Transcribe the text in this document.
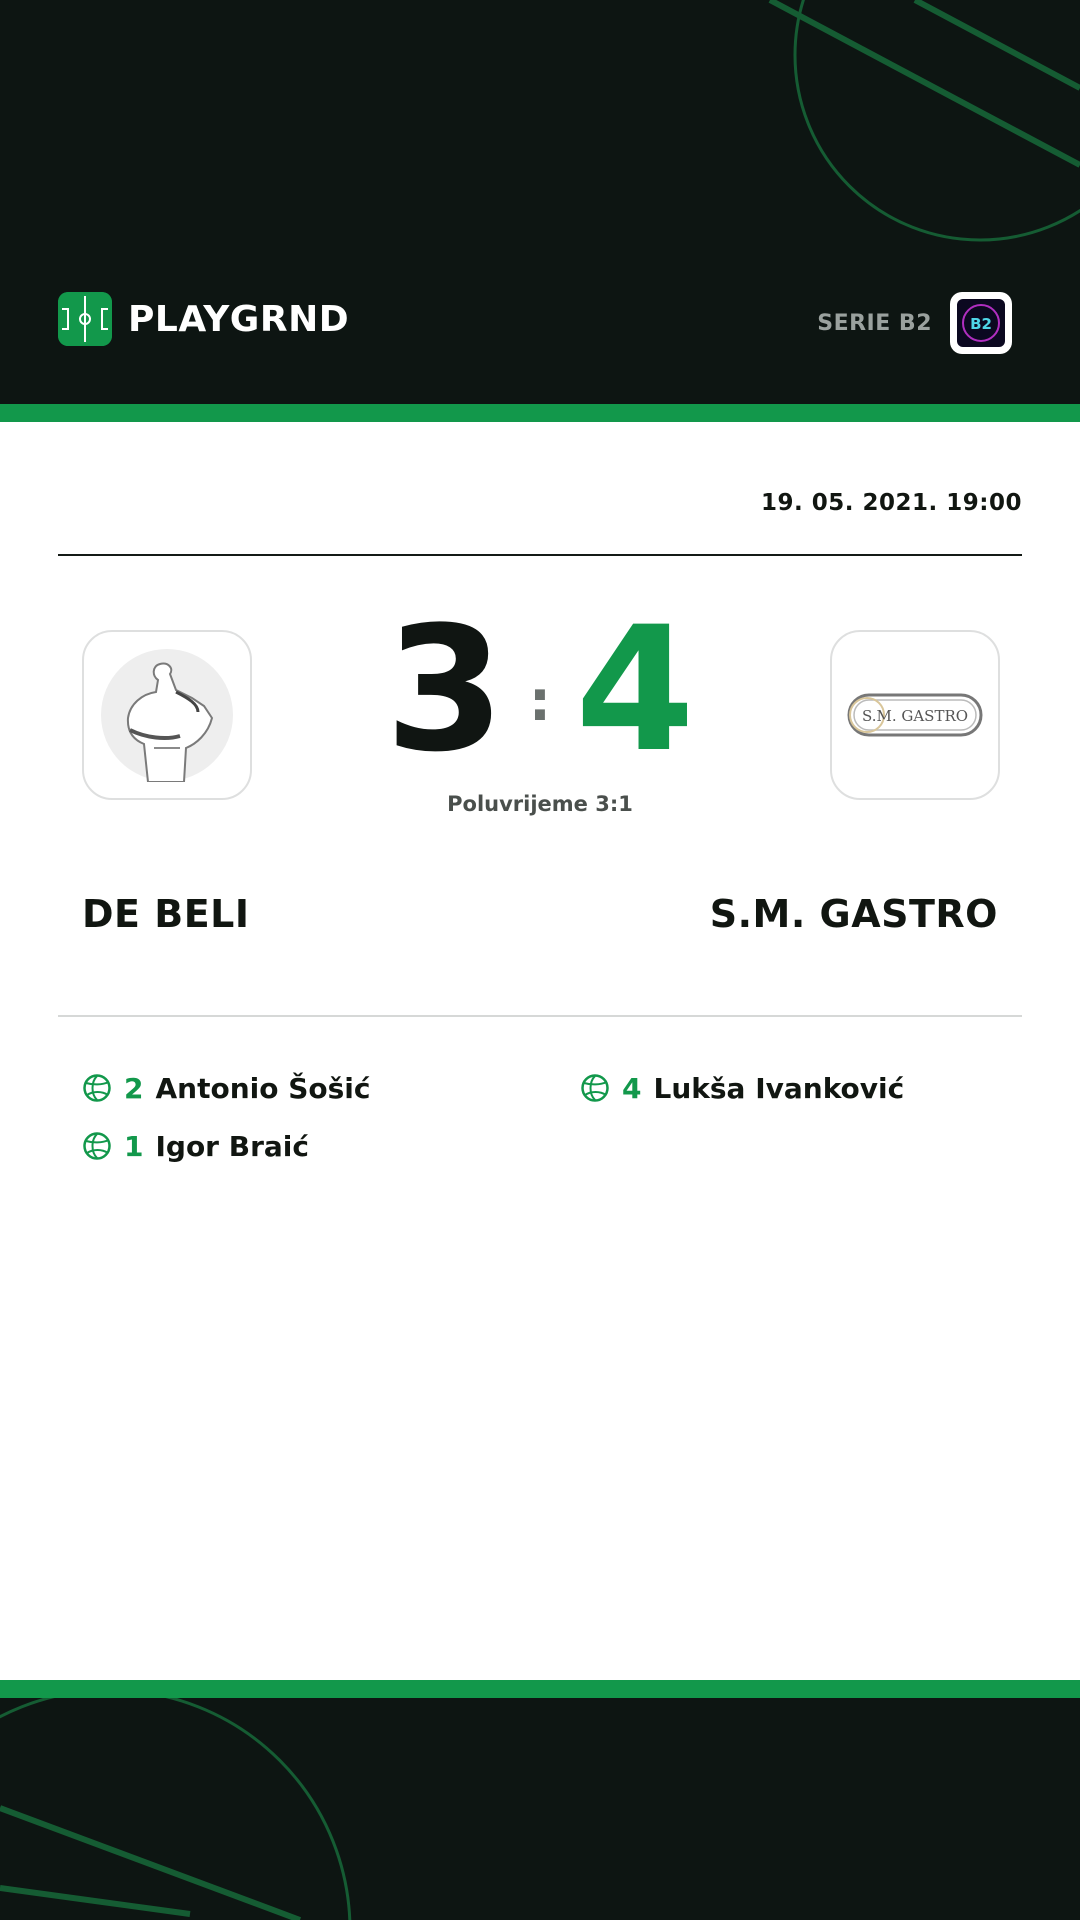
PLAYGRND	SERIE B2	B2
19. 05. 2021. 19:00
S.M. GASTRO
3 : 4
Poluvrijeme 3:1
DE BELI	S.M. GASTRO
2 Antonio Šošić
1 Igor Braić
4 Lukša Ivanković
